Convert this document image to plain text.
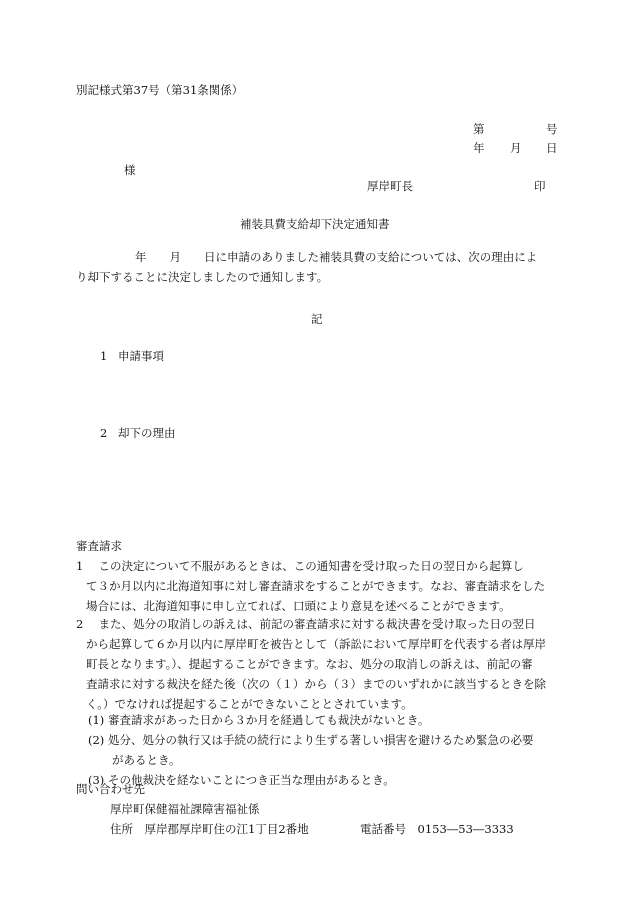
別記様式第37号（第31条関係）
第	号
年 月 日
様
厚岸町長	印
補装具費支給却下決定通知書
年　　月　　日に申請のありました補装具費の支給については、次の理由によ
り却下することに決定しましたので通知します。
記
1 申請事項
2 却下の理由
審査請求
1　 この決定について不服があるときは、この通知書を受け取った日の翌日から起算し
て３か月以内に北海道知事に対し審査請求をすることができます。なお、審査請求をした
場合には、北海道知事に申し立てれば、口頭により意見を述べることができます。
2　 また、処分の取消しの訴えは、前記の審査請求に対する裁決書を受け取った日の翌日
から起算して６か月以内に厚岸町を被告として（訴訟において厚岸町を代表する者は厚岸
町長となります。）、提起することができます。なお、処分の取消しの訴えは、前記の審
査請求に対する裁決を経た後（次の（１）から（３）までのいずれかに該当するときを除
く。）でなければ提起することができないこととされています。
(1) 審査請求があった日から３か月を経過しても裁決がないとき。
(2) 処分、処分の執行又は手続の続行により生ずる著しい損害を避けるため緊急の必要
があるとき。
(3) その他裁決を経ないことにつき正当な理由があるとき。
問い合わせ先
厚岸町保健福祉課障害福祉係
住所　厚岸郡厚岸町住の江1丁目2番地	電話番号　0153―53―3333
